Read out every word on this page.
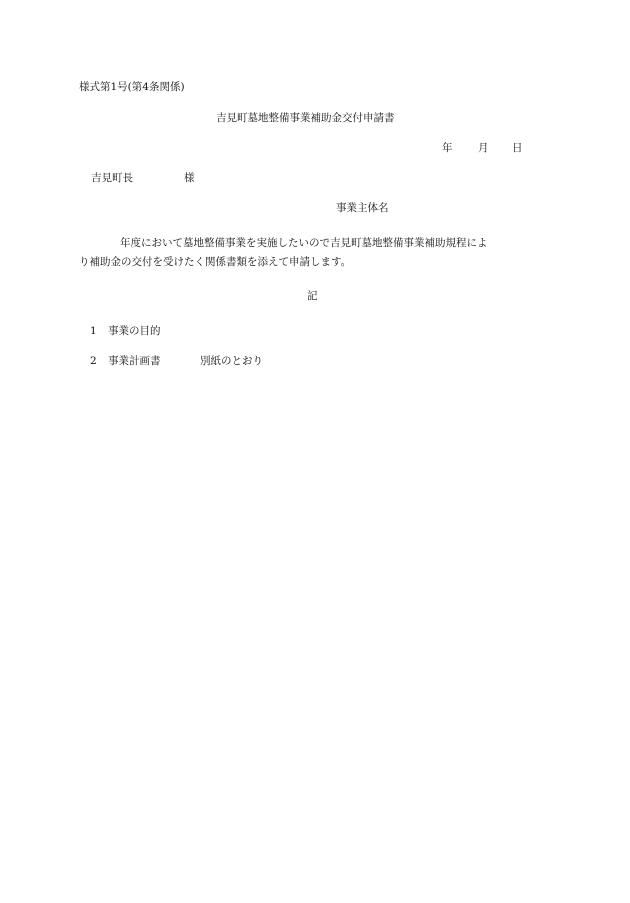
様式第1号(第4条関係)

吉見町墓地整備事業補助金交付申請書

年 月 日
吉見町長	様
事業主体名

年度において墓地整備事業を実施したいので吉見町墓地整備事業補助規程によ

り補助金の交付を受けたく関係書類を添えて申請します。

記
1 事業の目的
2 事業計画書	別紙のとおり
